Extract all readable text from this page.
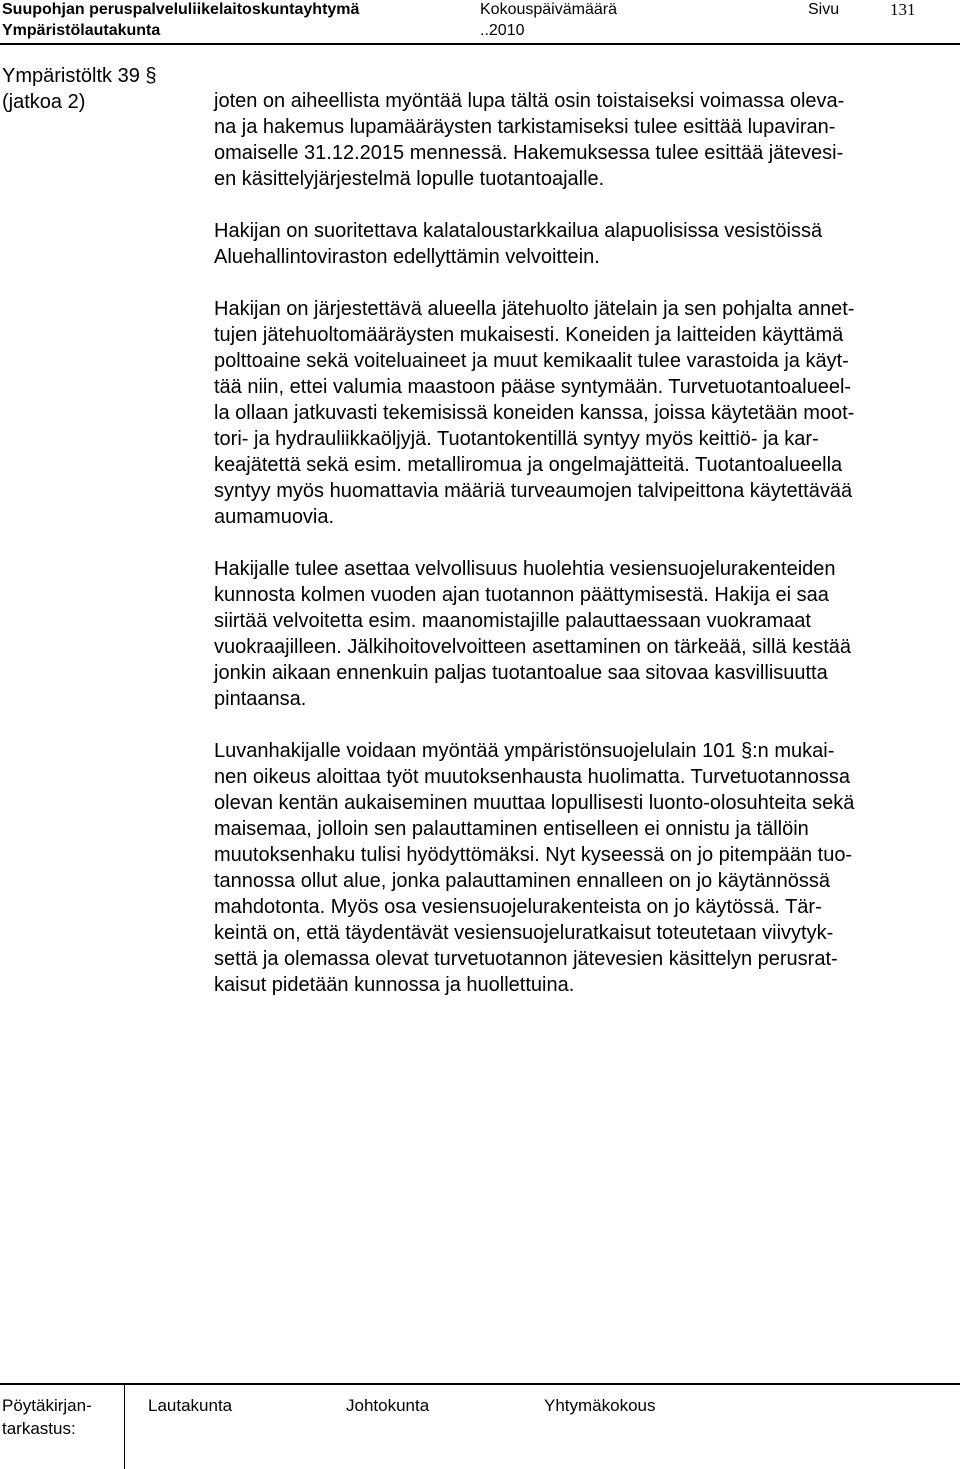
Suupohjan peruspalveluliikelaitoskuntayhtymä	Kokouspäivämäärä	Sivu	131
Ympäristölautakunta	..2010
Ympäristöltk 39 §
(jatkoa 2)	joten on aiheellista myöntää lupa tältä osin toistaiseksi voimassa oleva-
na ja hakemus lupamääräysten tarkistamiseksi tulee esittää lupaviran-
omaiselle 31.12.2015 mennessä. Hakemuksessa tulee esittää jätevesi-
en käsittelyjärjestelmä lopulle tuotantoajalle.

Hakijan on suoritettava kalataloustarkkailua alapuolisissa vesistöissä
Aluehallintoviraston edellyttämin velvoittein.

Hakijan on järjestettävä alueella jätehuolto jätelain ja sen pohjalta annet-
tujen jätehuoltomääräysten mukaisesti. Koneiden ja laitteiden käyttämä
polttoaine sekä voiteluaineet ja muut kemikaalit tulee varastoida ja käyt-
tää niin, ettei valumia maastoon pääse syntymään. Turvetuotantoalueel-
la ollaan jatkuvasti tekemisissä koneiden kanssa, joissa käytetään moot-
tori- ja hydrauliikkaöljyjä. Tuotantokentillä syntyy myös keittiö- ja kar-
keajätettä sekä esim. metalliromua ja ongelmajätteitä. Tuotantoalueella
syntyy myös huomattavia määriä turveaumojen talvipeittona käytettävää
aumamuovia.

Hakijalle tulee asettaa velvollisuus huolehtia vesiensuojelurakenteiden
kunnosta kolmen vuoden ajan tuotannon päättymisestä. Hakija ei saa
siirtää velvoitetta esim. maanomistajille palauttaessaan vuokramaat
vuokraajilleen. Jälkihoitovelvoitteen asettaminen on tärkeää, sillä kestää
jonkin aikaan ennenkuin paljas tuotantoalue saa sitovaa kasvillisuutta
pintaansa.

Luvanhakijalle voidaan myöntää ympäristönsuojelulain 101 §:n mukai-
nen oikeus aloittaa työt muutoksenhausta huolimatta. Turvetuotannossa
olevan kentän aukaiseminen muuttaa lopullisesti luonto-olosuhteita sekä
maisemaa, jolloin sen palauttaminen entiselleen ei onnistu ja tällöin
muutoksenhaku tulisi hyödyttömäksi. Nyt kyseessä on jo pitempään tuo-
tannossa ollut alue, jonka palauttaminen ennalleen on jo käytännössä
mahdotonta. Myös osa vesiensuojelurakenteista on jo käytössä. Tär-
keintä on, että täydentävät vesiensuojeluratkaisut toteutetaan viivytyk-
settä ja olemassa olevat turvetuotannon jätevesien käsittelyn perusrat-
kaisut pidetään kunnossa ja huollettuina.

Pöytäkirjan-
tarkastus:
Lautakunta	Johtokunta	Yhtymäkokous
